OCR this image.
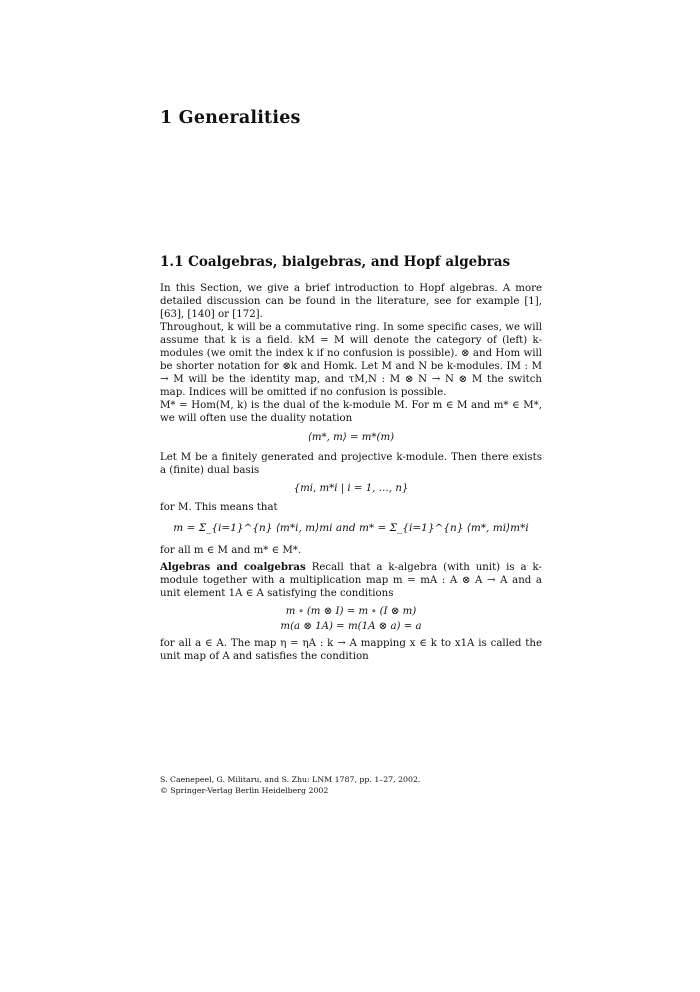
1 Generalities
1.1 Coalgebras, bialgebras, and Hopf algebras

In this Section, we give a brief introduction to Hopf algebras. A more detailed discussion can be found in the literature, see for example [1], [63], [140] or [172].

Throughout, k will be a commutative ring. In some specific cases, we will assume that k is a field. kM = M will denote the category of (left) k-modules (we omit the index k if no confusion is possible). ⊗ and Hom will be shorter notation for ⊗k and Homk. Let M and N be k-modules. IM : M → M will be the identity map, and τM,N : M ⊗ N → N ⊗ M the switch map. Indices will be omitted if no confusion is possible.

M* = Hom(M, k) is the dual of the k-module M. For m ∈ M and m* ∈ M*, we will often use the duality notation

⟨m*, m⟩ = m*(m)

Let M be a finitely generated and projective k-module. Then there exists a (finite) dual basis

{mi, m*i | i = 1, …, n}

for M. This means that

m = Σ_{i=1}^{n} ⟨m*i, m⟩mi and m* = Σ_{i=1}^{n} ⟨m*, mi⟩m*i

for all m ∈ M and m* ∈ M*.

Algebras and coalgebras Recall that a k-algebra (with unit) is a k-module together with a multiplication map m = mA : A ⊗ A → A and a unit element 1A ∈ A satisfying the conditions

m ∘ (m ⊗ I) = m ∘ (I ⊗ m)
m(a ⊗ 1A) = m(1A ⊗ a) = a

for all a ∈ A. The map η = ηA : k → A mapping x ∈ k to x1A is called the unit map of A and satisfies the condition

S. Caenepeel, G. Militaru, and S. Zhu: LNM 1787, pp. 1–27, 2002.
© Springer-Verlag Berlin Heidelberg 2002
